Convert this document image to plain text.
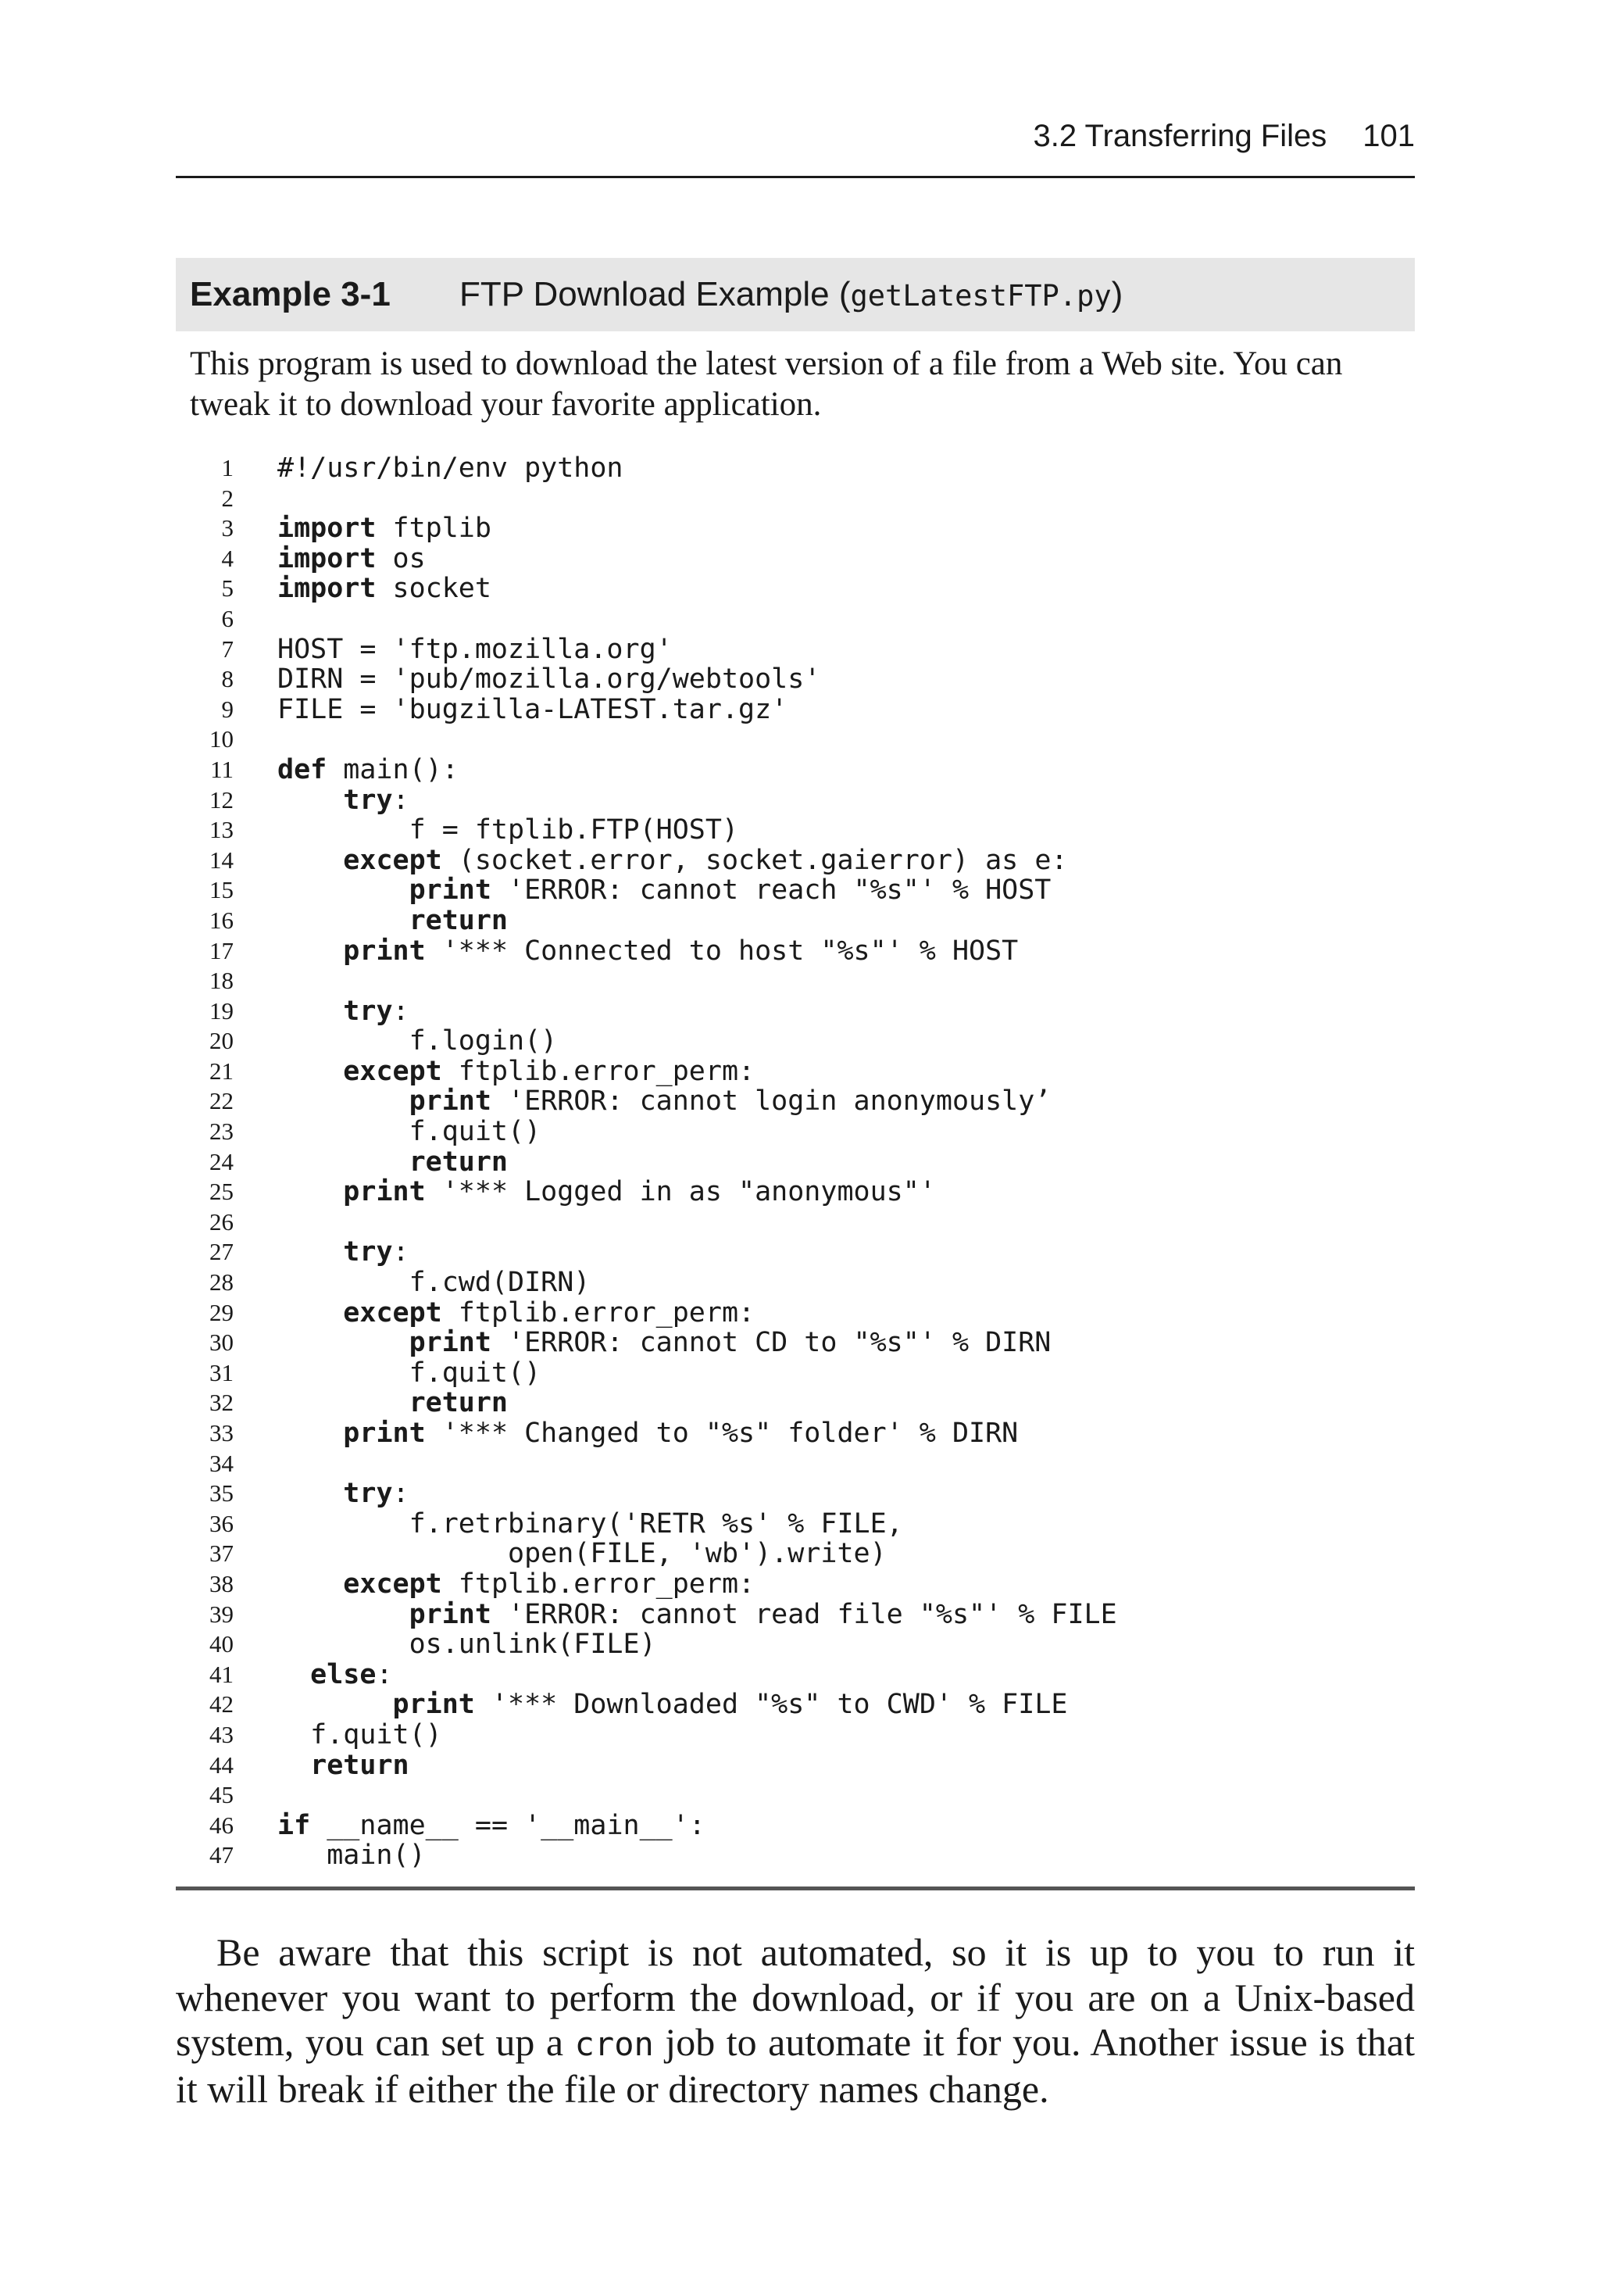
3.2 Transferring Files 101
Example 3-1	FTP Download Example (getLatestFTP.py)

This program is used to download the latest version of a file from a Web site. You can tweak it to download your favorite application.

1 #!/usr/bin/env python
2
3 import ftplib
4 import os
5 import socket
6
7 HOST = 'ftp.mozilla.org'
8 DIRN = 'pub/mozilla.org/webtools'
9 FILE = 'bugzilla-LATEST.tar.gz'
10
11 def main():
12	try:
13 f = ftplib.FTP(HOST)
14	except (socket.error, socket.gaierror) as e:
15	print 'ERROR: cannot reach "%s"' % HOST
16	return
17	print '*** Connected to host "%s"' % HOST
18
19	try:
20 f.login()
21	except ftplib.error_perm:
22	print 'ERROR: cannot login anonymously’
23 f.quit()
24	return
25	print '*** Logged in as "anonymous"'
26
27	try:
28 f.cwd(DIRN)
29	except ftplib.error_perm:
30	print 'ERROR: cannot CD to "%s"' % DIRN
31 f.quit()
32	return
33	print '*** Changed to "%s" folder' % DIRN
34
35	try:
36 f.retrbinary('RETR %s' % FILE,
37 open(FILE, 'wb').write)
38	except ftplib.error_perm:
39	print 'ERROR: cannot read file "%s"' % FILE
40 os.unlink(FILE)
41	else:
42	print '*** Downloaded "%s" to CWD' % FILE
43 f.quit()
44	return
45
46 if __name__ == '__main__':
47 main()

Be aware that this script is not automated, so it is up to you to run it whenever you want to perform the download, or if you are on a Unix-based system, you can set up a cron job to automate it for you. Another issue is that it will break if either the file or directory names change.
